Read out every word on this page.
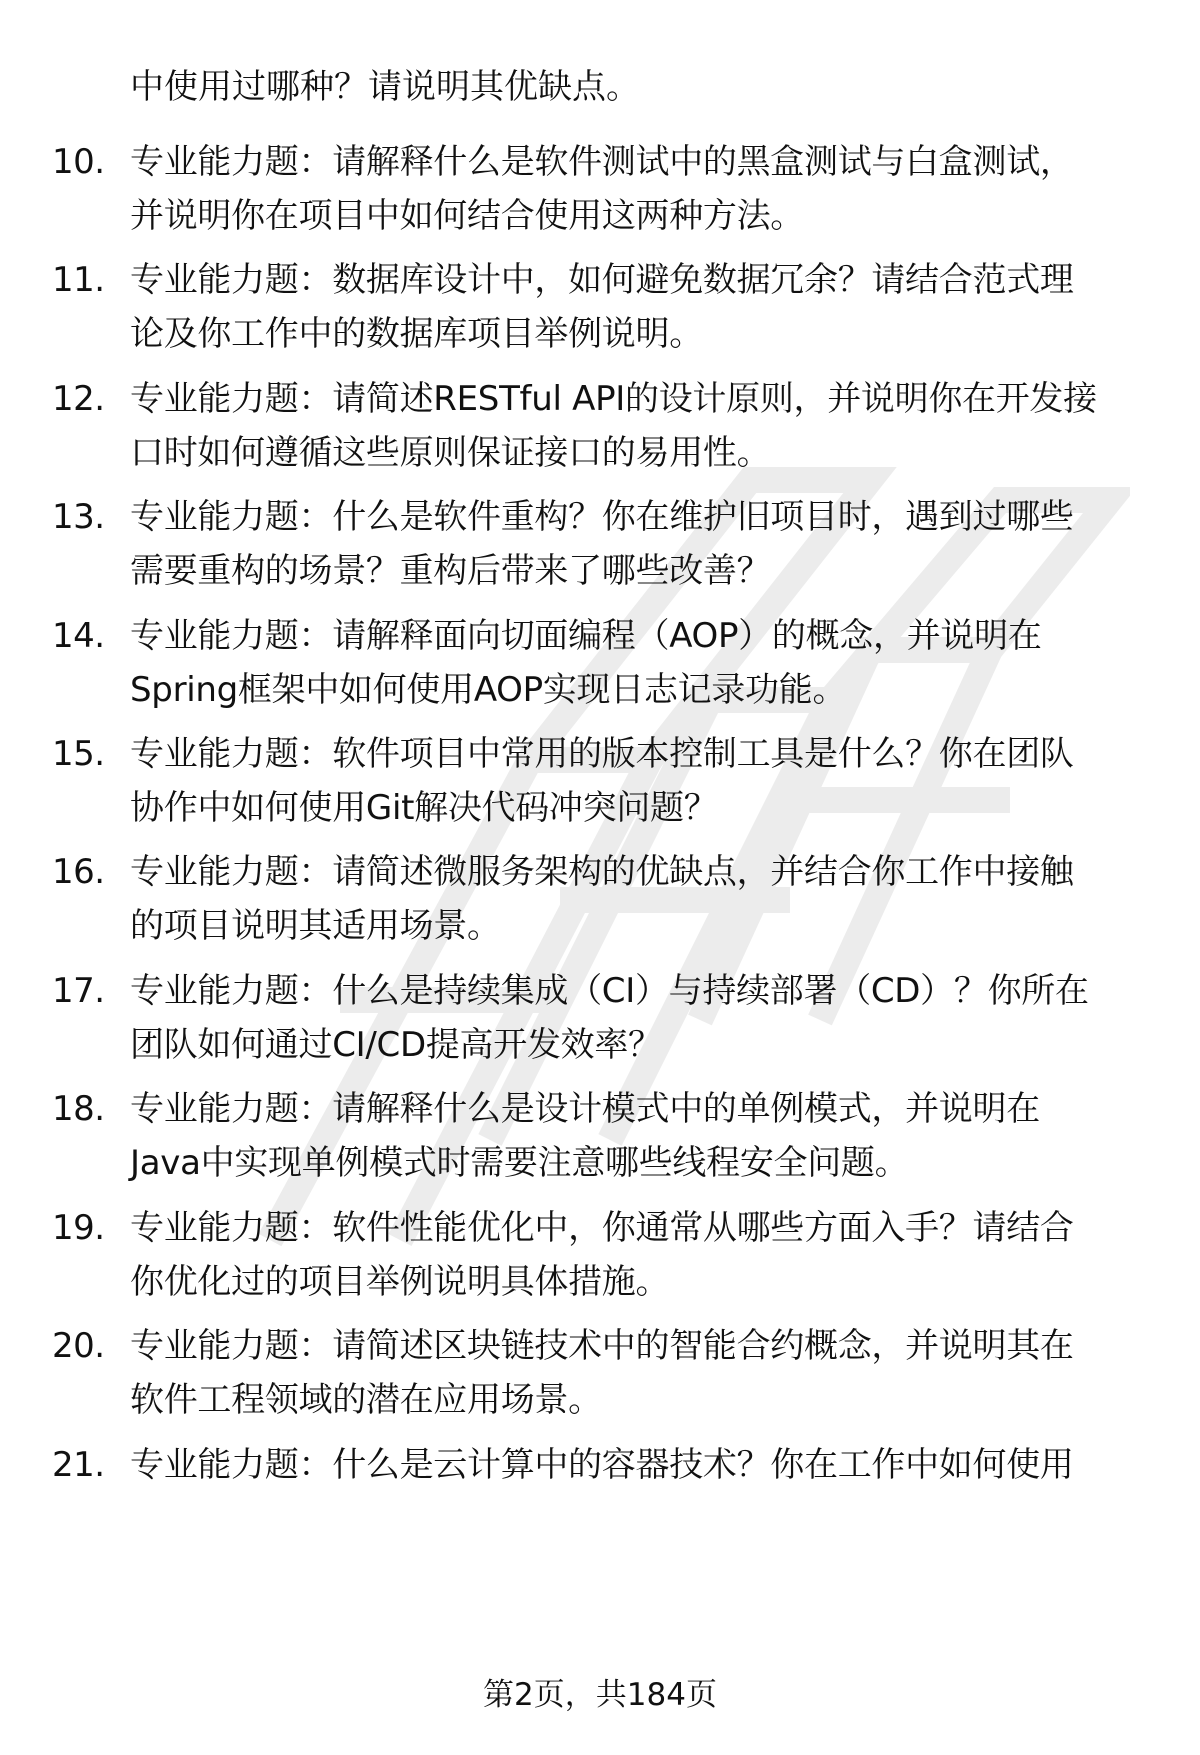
中使用过哪种？请说明其优缺点。
10. 专业能力题：请解释什么是软件测试中的黑盒测试与白盒测试，
并说明你在项目中如何结合使用这两种方法。
11. 专业能力题：数据库设计中，如何避免数据冗余？请结合范式理
论及你工作中的数据库项目举例说明。
12. 专业能力题：请简述RESTful API的设计原则，并说明你在开发接
口时如何遵循这些原则保证接口的易用性。
13. 专业能力题：什么是软件重构？你在维护旧项目时，遇到过哪些
需要重构的场景？重构后带来了哪些改善？
14. 专业能力题：请解释面向切面编程（AOP）的概念，并说明在
Spring框架中如何使用AOP实现日志记录功能。
15. 专业能力题：软件项目中常用的版本控制工具是什么？你在团队
协作中如何使用Git解决代码冲突问题？
16. 专业能力题：请简述微服务架构的优缺点，并结合你工作中接触
的项目说明其适用场景。
17. 专业能力题：什么是持续集成（CI）与持续部署（CD）？你所在
团队如何通过CI/CD提高开发效率？
18. 专业能力题：请解释什么是设计模式中的单例模式，并说明在
Java中实现单例模式时需要注意哪些线程安全问题。
19. 专业能力题：软件性能优化中，你通常从哪些方面入手？请结合
你优化过的项目举例说明具体措施。
20. 专业能力题：请简述区块链技术中的智能合约概念，并说明其在
软件工程领域的潜在应用场景。
21. 专业能力题：什么是云计算中的容器技术？你在工作中如何使用
第2页，共184页
